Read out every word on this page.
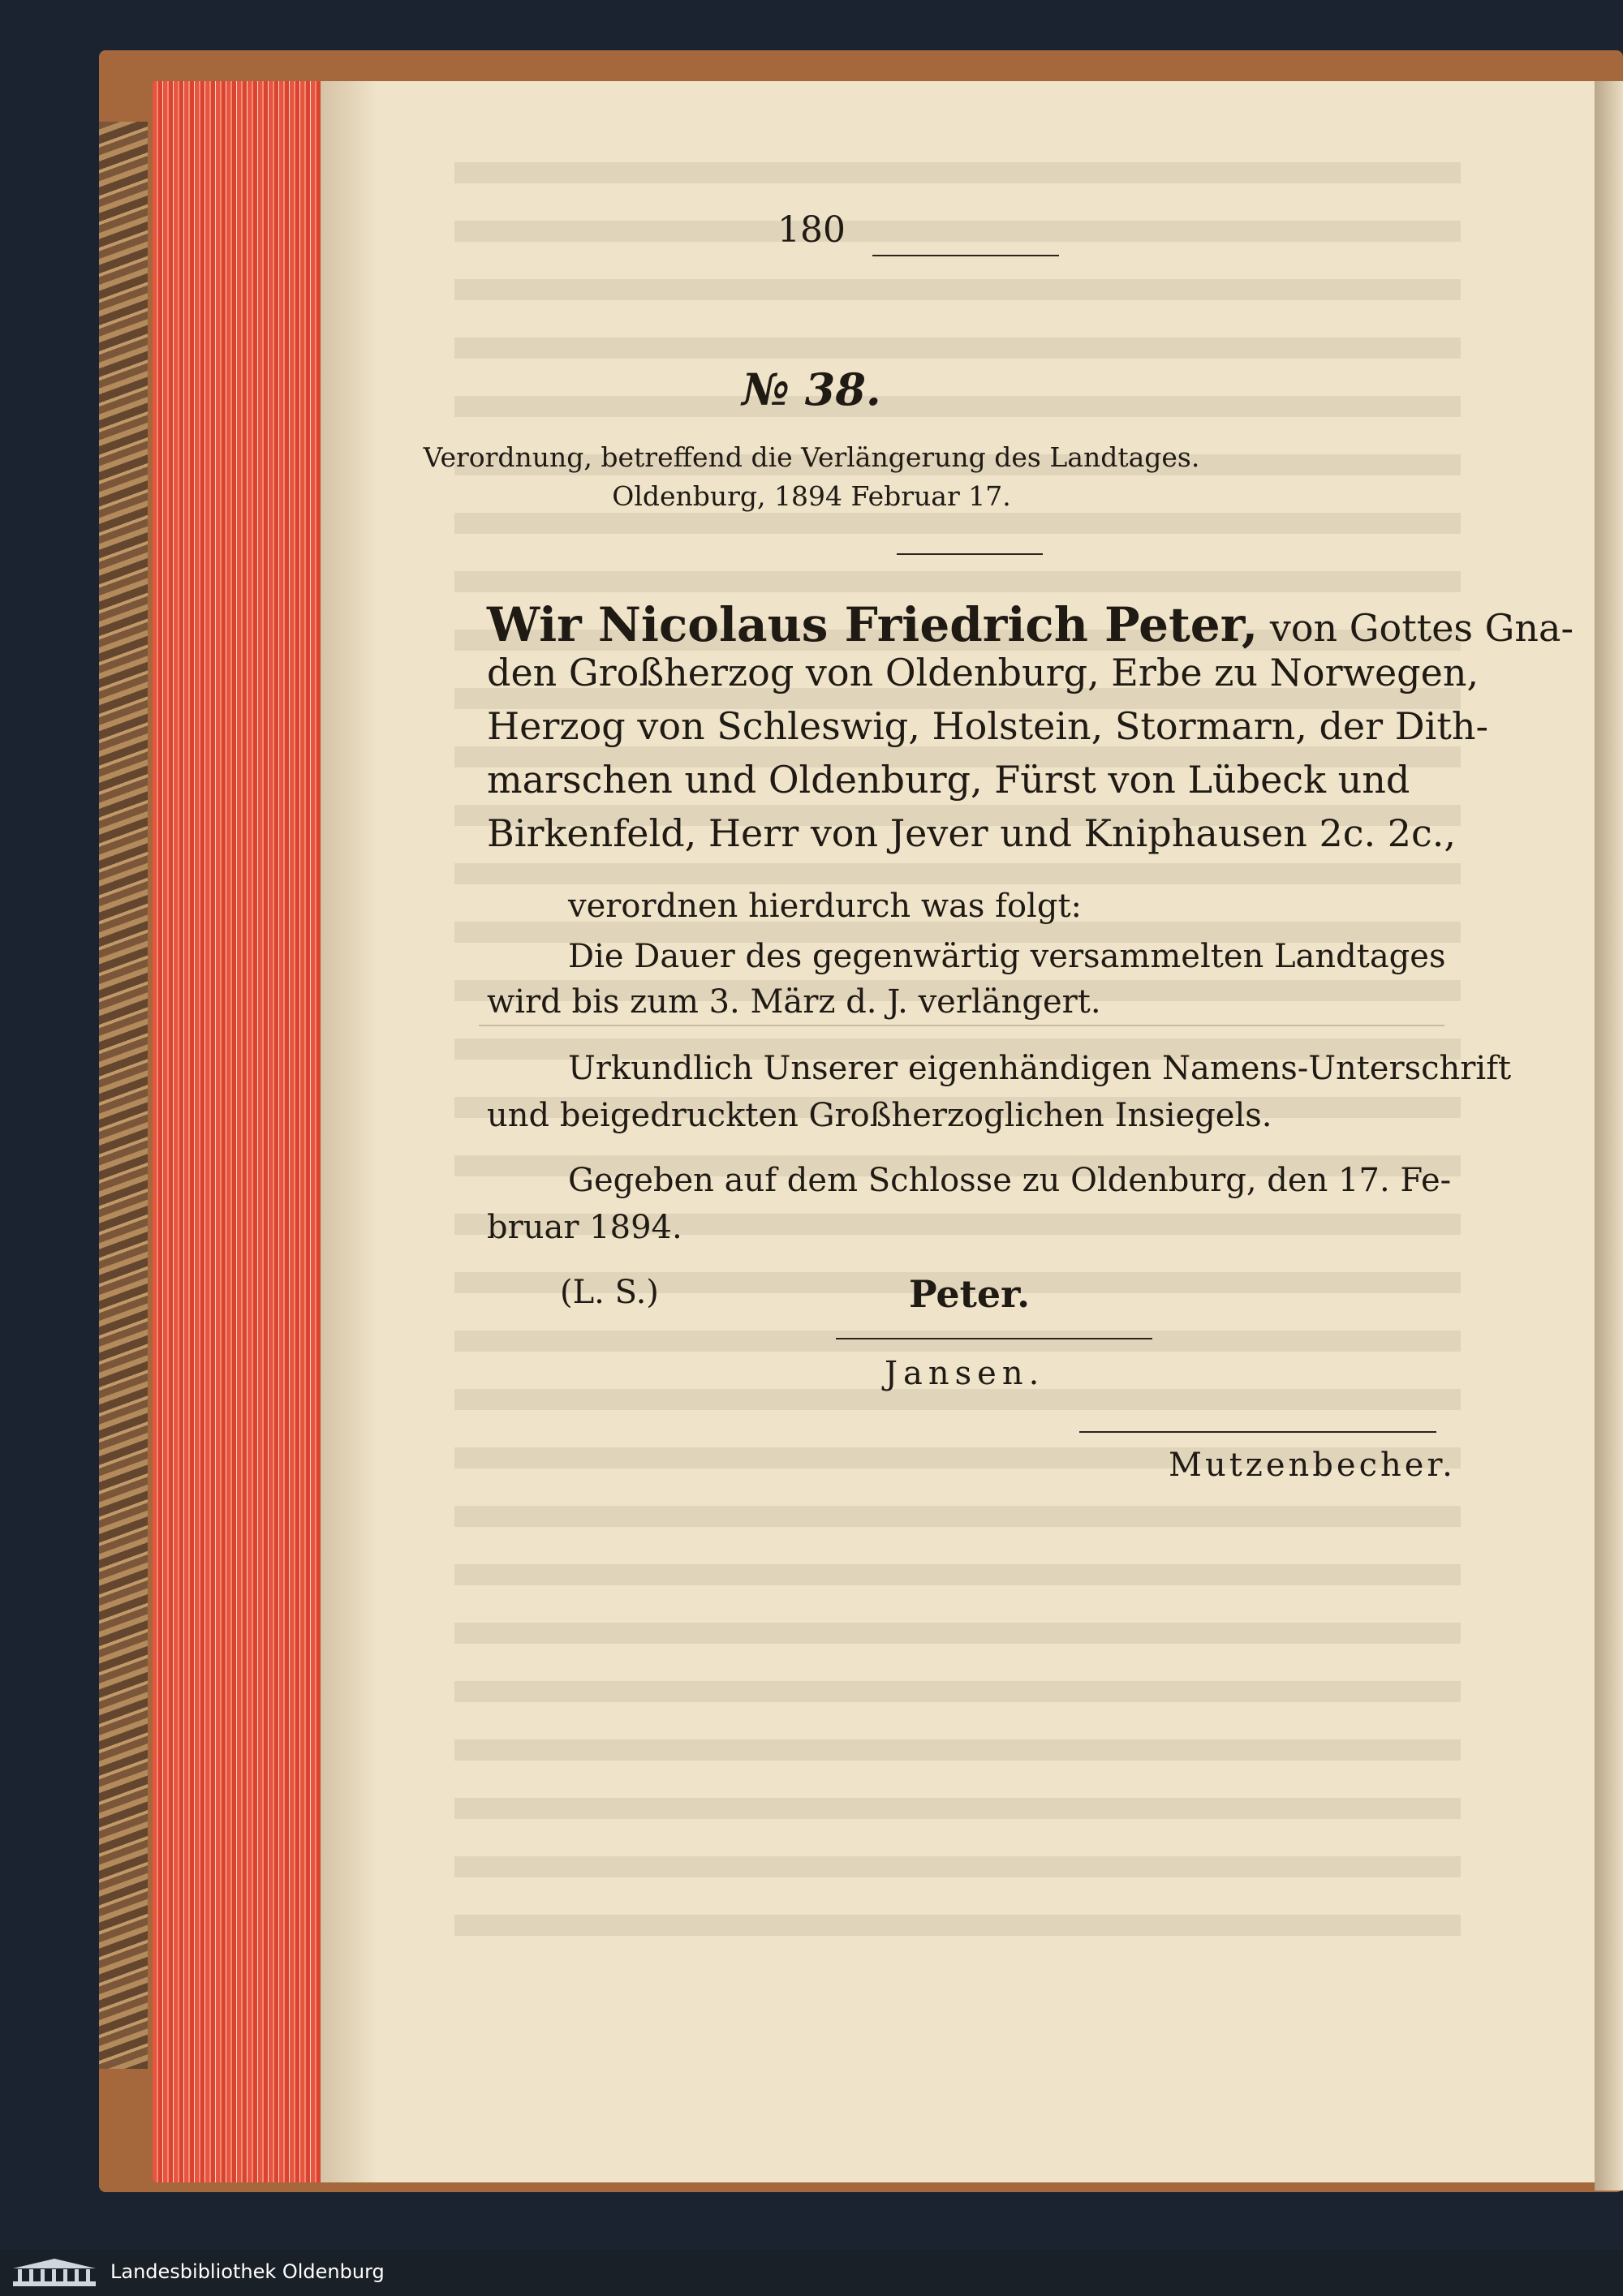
180
№ 38.
Verordnung, betreffend die Verlängerung des Landtages.
Oldenburg, 1894 Februar 17.
Wir Nicolaus Friedrich Peter, von Gottes Gna-
den Großherzog von Oldenburg, Erbe zu Norwegen,
Herzog von Schleswig, Holstein, Stormarn, der Dith-
marschen und Oldenburg, Fürst von Lübeck und
Birkenfeld, Herr von Jever und Kniphausen 2c. 2c.,
verordnen hierdurch was folgt:
Die Dauer des gegenwärtig versammelten Landtages
wird bis zum 3. März d. J. verlängert.
Urkundlich Unserer eigenhändigen Namens-Unterschrift
und beigedruckten Großherzoglichen Insiegels.
Gegeben auf dem Schlosse zu Oldenburg, den 17. Fe-
bruar 1894.
(L. S.)	Peter.
Jansen.
Mutzenbecher.
Landesbibliothek Oldenburg
